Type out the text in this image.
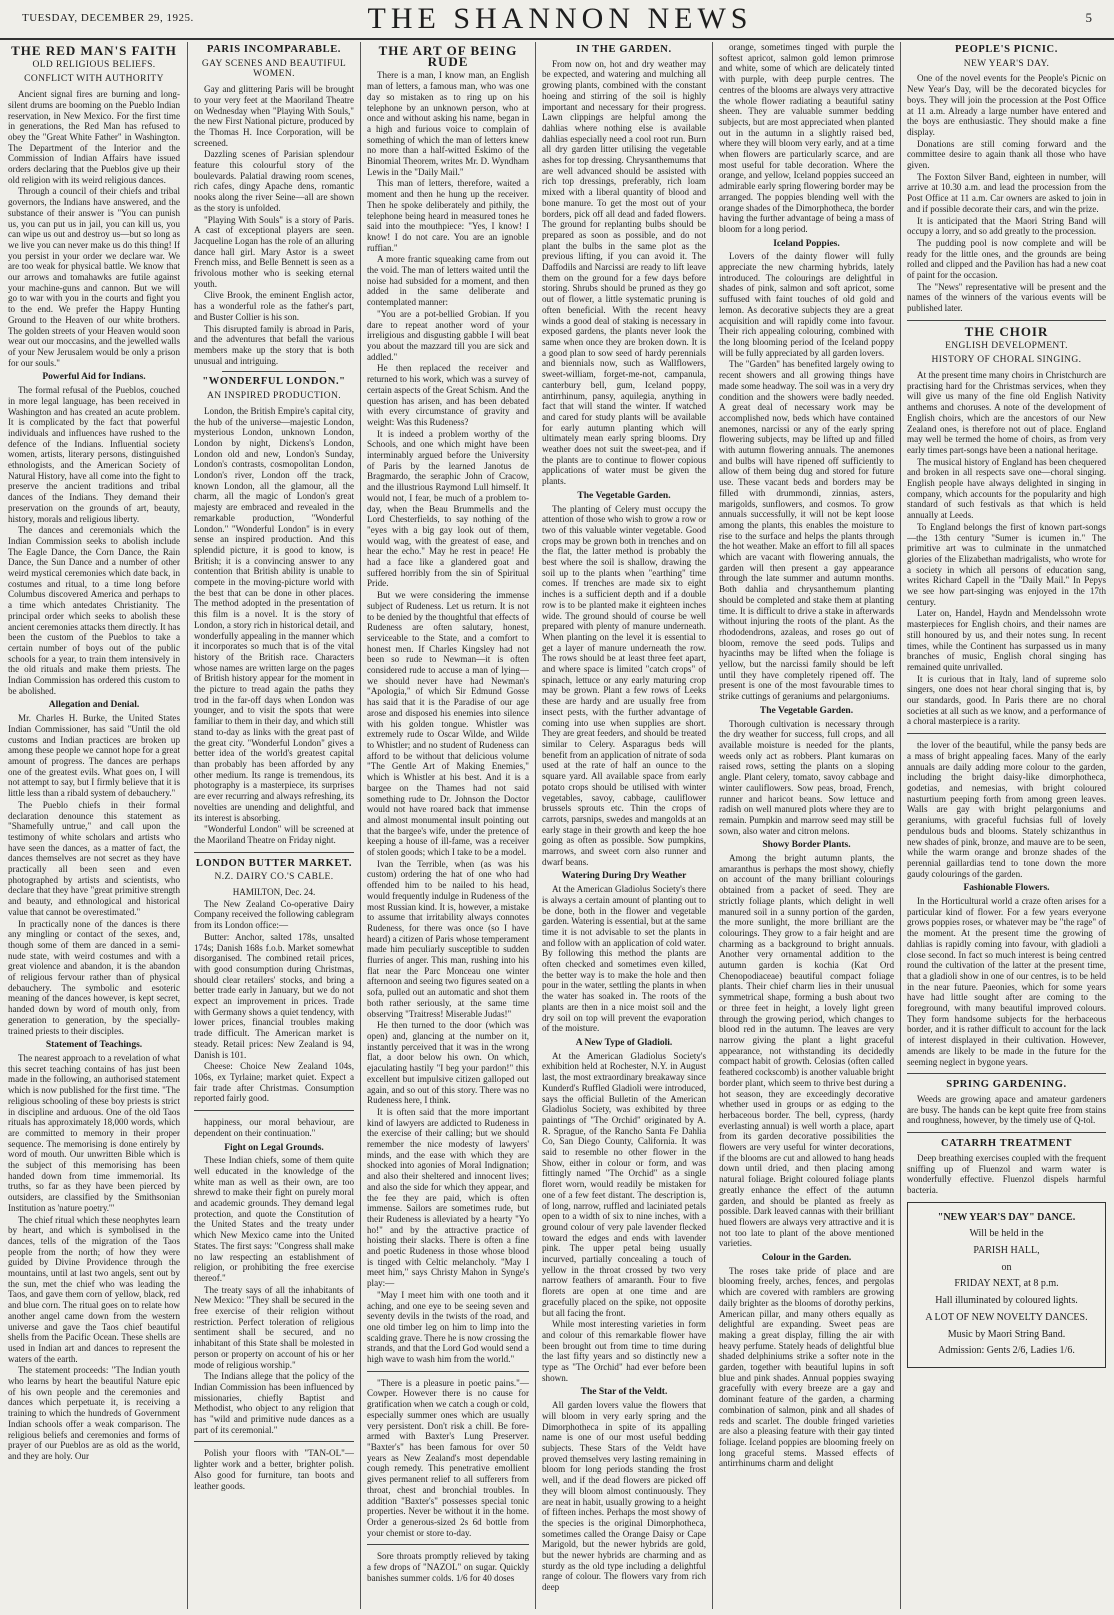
TUESDAY, DECEMBER 29, 1925.	THE SHANNON NEWS	5
THE RED MAN'S FAITH
OLD RELIGIOUS BELIEFS.
CONFLICT WITH AUTHORITY

Ancient signal fires are burning and long-silent drums are booming on the Pueblo Indian reservation, in New Mexico. For the first time in generations, the Red Man has refused to obey the "Great White Father" in Washington. The Department of the Interior and the Commission of Indian Affairs have issued orders declaring that the Pueblos give up their old religion with its weird religious dances.

Through a council of their chiefs and tribal governors, the Indians have answered, and the substance of their answer is "You can punish us, you can put us in jail, you can kill us, you can wipe us out and destroy us—but so long as we live you can never make us do this thing! If you persist in your order we declare war. We are too weak for physical battle. We know that our arrows and tomahawks are futile against your machine-guns and cannon. But we will go to war with you in the courts and fight you to the end. We prefer the Happy Hunting Ground to the Heaven of our white brothers. The golden streets of your Heaven would soon wear out our moccasins, and the jewelled walls of your New Jerusalem would be only a prison for our souls."

Powerful Aid for Indians.

The formal refusal of the Pueblos, couched in more legal language, has been received in Washington and has created an acute problem. It is complicated by the fact that powerful individuals and influences have rushed to the defence of the Indians. Influential society women, artists, literary persons, distinguished ethnologists, and the American Society of Natural History, have all come into the fight to preserve the ancient traditions and tribal dances of the Indians. They demand their preservation on the grounds of art, beauty, history, morals and religious liberty.

The dances and ceremonials which the Indian Commission seeks to abolish include The Eagle Dance, the Corn Dance, the Rain Dance, the Sun Dance and a number of other weird mystical ceremonies which date back, in costumes and ritual, to a time long before Columbus discovered America and perhaps to a time which antedates Christianity. The principal order which seeks to abolish these ancient ceremonies attacks them directly. It has been the custom of the Pueblos to take a certain number of boys out of the public schools for a year, to train them intensively in the old rituals and make them priests. The Indian Commission has ordered this custom to be abolished.

Allegation and Denial.

Mr. Charles H. Burke, the United States Indian Commissioner, has said "Until the old customs and Indian practices are broken up among these people we cannot hope for a great amount of progress. The dances are perhaps one of the greatest evils. What goes on, I will not attempt to say, but I firmly believe that it is little less than a ribald system of debauchery."

The Pueblo chiefs in their formal declaration denounce this statement as "Shamefully untrue," and call upon the testimony of white scholars and artists who have seen the dances, as a matter of fact, the dances themselves are not secret as they have practically all been seen and even photographed by artists and scientists, who declare that they have "great primitive strength and beauty, and ethnological and historical value that cannot be overestimated."

In practically none of the dances is there any mingling or contact of the sexes, and, though some of them are danced in a semi-nude state, with weird costumes and with a great violence and abandon, it is the abandon of religious fervour rather than of physical debauchery. The symbolic and esoteric meaning of the dances however, is kept secret, handed down by word of mouth only, from generation to generation, by the specially-trained priests to their disciples.

Statement of Teachings.

The nearest approach to a revelation of what this secret teaching contains of has just been made in the following, an authorised statement which is now published for the first time. "The religious schooling of these boy priests is strict in discipline and arduous. One of the old Taos rituals has approximately 18,000 words, which are committed to memory in their proper sequence. The memorising is done entirely by word of mouth. Our unwritten Bible which is the subject of this memorising has been handed down from time immemorial. Its truths, so far as they have been pierced by outsiders, are classified by the Smithsonian Institution as 'nature poetry.'"

The chief ritual which these neophytes learn by heart, and which is symbolised in the dances, tells of the migration of the Taos people from the north; of how they were guided by Divine Providence through the mountains, until at last two angels, sent out by the sun, met the chief who was leading the Taos, and gave them corn of yellow, black, red and blue corn. The ritual goes on to relate how another angel came down from the western universe and gave the Taos chief beautiful shells from the Pacific Ocean. These shells are used in Indian art and dances to represent the waters of the earth.

The statement proceeds: "The Indian youth who learns by heart the beautiful Nature epic of his own people and the ceremonies and dances which perpetuate it, is receiving a training to which the hundreds of Government Indian schools offer a weak comparison. The religious beliefs and ceremonies and forms of prayer of our Pueblos are as old as the world, and they are holy. Our

PARIS INCOMPARABLE.
GAY SCENES AND BEAUTIFUL WOMEN.

Gay and glittering Paris will be brought to your very feet at the Maoriland Theatre on Wednesday when "Playing With Souls," the new First National picture, produced by the Thomas H. Ince Corporation, will be screened.

Dazzling scenes of Parisian splendour feature this colourful story of the boulevards. Palatial drawing room scenes, rich cafes, dingy Apache dens, romantic nooks along the river Seine—all are shown as the story is unfolded.

"Playing With Souls" is a story of Paris. A cast of exceptional players are seen. Jacqueline Logan has the role of an alluring dance hall girl. Mary Astor is a sweet French miss, and Belle Bennett is seen as a frivolous mother who is seeking eternal youth.

Clive Brook, the eminent English actor, has a wonderful role as the father's part, and Buster Collier is his son.

This disrupted family is abroad in Paris, and the adventures that befall the various members make up the story that is both unusual and intriguing.

"WONDERFUL LONDON."
AN INSPIRED PRODUCTION.

London, the British Empire's capital city, the hub of the universe—majestic London, mysterious London, unknown London, London by night, Dickens's London, London old and new, London's Sunday, London's contrasts, cosmopolitan London, London's river, London off the track, known London, all the glamour, all the charm, all the magic of London's great majesty are embraced and revealed in the remarkable production, "Wonderful London." "Wonderful London" is in every sense an inspired production. And this splendid picture, it is good to know, is British; it is a convincing answer to any contention that British ability is unable to compete in the moving-picture world with the best that can be done in other places. The method adopted in the presentation of this film is a novel. It is the story of London, a story rich in historical detail, and wonderfully appealing in the manner which it incorporates so much that is of the vital history of the British race. Characters whose names are written large on the pages of British history appear for the moment in the picture to tread again the paths they trod in the far-off days when London was younger, and to visit the spots that were familiar to them in their day, and which still stand to-day as links with the great past of the great city. "Wonderful London" gives a better idea of the world's greatest capital than probably has been afforded by any other medium. Its range is tremendous, its photography is a masterpiece, its surprises are ever recurring and always refreshing, its novelties are unending and delightful, and its interest is absorbing.

"Wonderful London" will be screened at the Maoriland Theatre on Friday night.

LONDON BUTTER MARKET.
N.Z. DAIRY CO.'S CABLE.

HAMILTON, Dec. 24.

The New Zealand Co-operative Dairy Company received the following cablegram from its London office:—

Butter: Anchor, salted 178s, unsalted 174s; Danish 168s f.o.b. Market somewhat disorganised. The combined retail prices, with good consumption during Christmas, should clear retailers' stocks, and bring a better trade early in January, but we do not expect an improvement in prices. Trade with Germany shows a quiet tendency, with lower prices, financial troubles making trade difficult. The American market is steady. Retail prices: New Zealand is 94, Danish is 101.

Cheese: Choice New Zealand 104s, 106s, ex Tyrlaine; market quiet. Expect a fair trade after Christmas. Consumption reported fairly good.

happiness, our moral behaviour, are dependent on their continuation."

Fight on Legal Grounds.

These Indian chiefs, some of them quite well educated in the knowledge of the white man as well as their own, are too shrewd to make their fight on purely moral and academic grounds. They demand legal protection, and quote the Constitution of the United States and the treaty under which New Mexico came into the United States. The first says: "Congress shall make no law respecting an establishment of religion, or prohibiting the free exercise thereof."

The treaty says of all the inhabitants of New Mexico: "They shall be secured in the free exercise of their religion without restriction. Perfect toleration of religious sentiment shall be secured, and no inhabitant of this State shall be molested in person or property on account of his or her mode of religious worship."

The Indians allege that the policy of the Indian Commission has been influenced by missionaries, chiefly Baptist and Methodist, who object to any religion that has "wild and primitive nude dances as a part of its ceremonial."

Polish your floors with "TAN-OL"—lighter work and a better, brighter polish. Also good for furniture, tan boots and leather goods.

THE ART OF BEING RUDE

There is a man, I know man, an English man of letters, a famous man, who was one day so mistaken as to ring up on his telephone by an unknown person, who at once and without asking his name, began in a high and furious voice to complain of something of which the man of letters knew no more than a half-witted Eskimo of the Binomial Theorem, writes Mr. D. Wyndham Lewis in the "Daily Mail."

This man of letters, therefore, waited a moment and then he hung up the receiver. Then he spoke deliberately and pithily, the telephone being heard in measured tones he said into the mouthpiece: "Yes, I know! I know! I do not care. You are an ignoble ruffian."

A more frantic squeaking came from out the void. The man of letters waited until the noise had subsided for a moment, and then added in the same deliberate and contemplated manner:

"You are a pot-bellied Grobian. If you dare to repeat another word of your irreligious and disgusting gabble I will beat you about the mazzard till you are sick and addled."

He then replaced the receiver and returned to his work, which was a survey of certain aspects of the Great Schism. And the question has arisen, and has been debated with every circumstance of gravity and weight: Was this Rudeness?

It is indeed a problem worthy of the Schools, and one which might have been interminably argued before the University of Paris by the learned Janotus de Bragmardo, the seraphic John of Cracow, and the illustrious Raymond Lull himself. It would not, I fear, be much of a problem to-day, when the Beau Brummells and the Lord Chesterfields, to say nothing of the "eyes with a big gay look out of them, would wag, with the greatest of ease, and hear the echo." May he rest in peace! He had a face like a glandered goat and suffered horribly from the sin of Spiritual Pride.

But we were considering the immense subject of Rudeness. Let us return. It is not to be denied by the thoughtful that effects of Rudeness are often salutary, honest, serviceable to the State, and a comfort to honest men. If Charles Kingsley had not been so rude to Newman—it is often considered rude to accuse a man of lying—we should never have had Newman's "Apologia," of which Sir Edmund Gosse has said that it is the Paradise of our age arose and disposed his enemies into silence with his golden tongue. Whistler was extremely rude to Oscar Wilde, and Wilde to Whistler; and no student of Rudeness can afford to be without that delicious volume "The Gentle Art of Making Enemies," which is Whistler at his best. And it is a bargee on the Thames had not said something rude to Dr. Johnson the Doctor would not have roared back that immense and almost monumental insult pointing out that the bargee's wife, under the pretence of keeping a house of ill-fame, was a receiver of stolen goods; which I take to be a model.

Ivan the Terrible, when (as was his custom) ordering the hat of one who had offended him to be nailed to his head, would frequently indulge in Rudeness of the most Russian kind. It is, however, a mistake to assume that irritability always connotes Rudeness, for there was once (so I have heard) a citizen of Paris whose temperament made him peculiarly susceptible to sudden flurries of anger. This man, rushing into his flat near the Parc Monceau one winter afternoon and seeing two figures seated on a sofa, pulled out an automatic and shot them both rather seriously, at the same time observing "Traitress! Miserable Judas!"

He then turned to the door (which was open) and, glancing at the number on it, instantly perceived that it was in the wrong flat, a door below his own. On which, ejaculating hastily "I beg your pardon!" this excellent but impulsive citizen galloped out again, and so out of this story. There was no Rudeness here, I think.

It is often said that the more important kind of lawyers are addicted to Rudeness in the exercise of their calling; but we should remember the nice modesty of lawyers' minds, and the ease with which they are shocked into agonies of Moral Indignation; and also their sheltered and innocent lives; and also the side for which they appear, and the fee they are paid, which is often immense. Sailors are sometimes rude, but their Rudeness is alleviated by a hearty "Yo ho!" and by the attractive practice of hoisting their slacks. There is often a fine and poetic Rudeness in those whose blood is tinged with Celtic melancholy. "May I meet him," says Christy Mahon in Synge's play:—

"May I meet him with one tooth and it aching, and one eye to be seeing seven and seventy devils in the twists of the road, and one old timber leg on him to limp into the scalding grave. There he is now crossing the strands, and that the Lord God would send a high wave to wash him from the world."

"There is a pleasure in poetic pains."—Cowper. However there is no cause for gratification when we catch a cough or cold, especially summer ones which are usually very persistent. Don't risk a chill. Be fore-armed with Baxter's Lung Preserver. "Baxter's" has been famous for over 50 years as New Zealand's most dependable cough remedy. This penetrative emollient gives permanent relief to all sufferers from throat, chest and bronchial troubles. In addition "Baxter's" possesses special tonic properties. Never be without it in the home. Order a generous-sized 2s 6d bottle from your chemist or store to-day.

Sore throats promptly relieved by taking a few drops of "NAZOL" on sugar. Quickly banishes summer colds. 1/6 for 40 doses

IN THE GARDEN.

From now on, hot and dry weather may be expected, and watering and mulching all growing plants, combined with the constant hoeing and stirring of the soil is highly important and necessary for their progress. Lawn clippings are helpful among the dahlias where nothing else is available dahlias especially need a cool root run. Burn all dry garden litter utilising the vegetable ashes for top dressing. Chrysanthemums that are well advanced should be assisted with rich top dressings, preferably, rich loam mixed with a liberal quantity of blood and bone manure. To get the most out of your borders, pick off all dead and faded flowers. The ground for replanting bulbs should be prepared as soon as possible, and do not plant the bulbs in the same plot as the previous lifting, if you can avoid it. The Daffodils and Narcissi are ready to lift leave them on the ground for a few days before storing. Shrubs should be pruned as they go out of flower, a little systematic pruning is often beneficial. With the recent heavy winds a good deal of staking is necessary in exposed gardens, the plants never look the same when once they are broken down. It is a good plan to sow seed of hardy perennials and biennials now, such as Wallflowers, sweet-william, forget-me-not, campanula, canterbury bell, gum, Iceland poppy, antirrhinum, pansy, aquilegia, anything in fact that will stand the winter. If watched and cared for study plants will be available for early autumn planting which will ultimately mean early spring blooms. Dry weather does not suit the sweet-pea, and if the plants are to continue to flower copious applications of water must be given the plants.

The Vegetable Garden.

The planting of Celery must occupy the attention of those who wish to grow a row or two of this valuable winter vegetable. Good crops may be grown both in trenches and on the flat, the latter method is probably the best where the soil is shallow, drawing the soil up to the plants when "earthing" time comes. If trenches are made six to eight inches is a sufficient depth and if a double row is to be planted make it eighteen inches wide. The ground should of course be well prepared with plenty of manure underneath. When planting on the level it is essential to get a layer of manure underneath the row. The rows should be at least three feet apart, and where space is limited "catch crops" of spinach, lettuce or any early maturing crop may be grown. Plant a few rows of Leeks these are hardy and are usually free from insect pests, with the further advantage of coming into use when supplies are short. They are great feeders, and should be treated similar to Celery. Asparagus beds will benefit from an application of nitrate of soda used at the rate of half an ounce to the square yard. All available space from early potato crops should be utilised with winter vegetables, savoy, cabbage, cauliflower brussels sprouts etc. Thin the crops of carrots, parsnips, swedes and mangolds at an early stage in their growth and keep the hoe going as often as possible. Sow pumpkins, marrows, and sweet corn also runner and dwarf beans.

Watering During Dry Weather

At the American Gladiolus Society's there is always a certain amount of planting out to be done, both in the flower and vegetable garden. Watering is essential, but at the same time it is not advisable to set the plants in and follow with an application of cold water. By following this method the plants are often checked and sometimes even killed, the better way is to make the hole and then pour in the water, settling the plants in when the water has soaked in. The roots of the plants are then in a nice moist soil and the dry soil on top will prevent the evaporation of the moisture.

A New Type of Gladioli.

At the American Gladiolus Society's exhibition held at Rochester, N.Y. in August last, the most extraordinary breakaway since Kunderd's Ruffled Gladioli were introduced, says the official Bulletin of the American Gladiolus Society, was exhibited by three paintings of "The Orchid" originated by A. R. Sprague, of the Rancho Santa Fe Dahlia Co, San Diego County, California. It was said to resemble no other flower in the Show, either in colour or form, and was fittingly named "The Orchid" as a single floret worn, would readily be mistaken for one of a few feet distant. The description is, of long, narrow, ruffled and laciniated petals open to a width of six to nine inches, with a ground colour of very pale lavender flecked toward the edges and ends with lavender pink. The upper petal being usually incurved, partially concealing a touch of yellow in the throat crossed by two very narrow feathers of amaranth. Four to five florets are open at one time and are gracefully placed on the spike, not opposite but all facing the front.

While most interesting varieties in form and colour of this remarkable flower have been brought out from time to time during the last fifty years and so distinctly new a type as "The Orchid" had ever before been shown.

The Star of the Veldt.

All garden lovers value the flowers that will bloom in very early spring and the Dimorphotheca in spite of its appalling name is one of our most useful bedding subjects. These Stars of the Veldt have proved themselves very lasting remaining in bloom for long periods standing the frost well, and if the dead flowers are picked off they will bloom almost continuously. They are neat in habit, usually growing to a height of fifteen inches. Perhaps the most showy of the species is the original Dimorphotheca, sometimes called the Orange Daisy or Cape Marigold, but the newer hybrids are gold, but the newer hybrids are charming and as sturdy as the old type including a delightful range of colour. The flowers vary from rich deep

orange, sometimes tinged with purple the softest apricot, salmon gold lemon primrose and white, some of which are delicately tinted with purple, with deep purple centres. The centres of the blooms are always very attractive the whole flower radiating a beautiful satiny sheen. They are valuable summer bedding subjects, but are most appreciated when planted out in the autumn in a slightly raised bed, where they will bloom very early, and at a time when flowers are particularly scarce, and are most useful for table decoration. Where the orange, and yellow, Iceland poppies succeed an admirable early spring flowering border may be arranged. The poppies blending well with the orange shades of the Dimorphotheca, the border having the further advantage of being a mass of bloom for a long period.

Iceland Poppies.

Lovers of the dainty flower will fully appreciate the new charming hybrids, lately introduced. The colourings are delightful in shades of pink, salmon and soft apricot, some suffused with faint touches of old gold and lemon. As decorative subjects they are a great acquisition and will rapidly come into favour. Their rich appealing colouring, combined with the long blooming period of the Iceland poppy will be fully appreciated by all garden lovers.

The "Garden" has benefited largely owing to recent showers and all growing things have made some headway. The soil was in a very dry condition and the showers were badly needed. A great deal of necessary work may be accomplished now, beds which have contained anemones, narcissi or any of the early spring flowering subjects, may be lifted up and filled with autumn flowering annuals. The anemones and bulbs will have ripened off sufficiently to allow of them being dug and stored for future use. These vacant beds and borders may be filled with drummondi, zinnias, asters, marigolds, sunflowers, and cosmos. To grow annuals successfully, it will not be kept loose among the plants, this enables the moisture to rise to the surface and helps the plants through the hot weather. Make an effort to fill all spaces which are vacant with flowering annuals, the garden will then present a gay appearance through the late summer and autumn months. Both dahlia and chrysanthemum planting should be completed and stake them at planting time. It is difficult to drive a stake in afterwards without injuring the roots of the plant. As the rhododendrons, azaleas, and roses go out of bloom, remove the seed pods. Tulips and hyacinths may be lifted when the foliage is yellow, but the narcissi family should be left until they have completely ripened off. The present is one of the most favourable times to strike cuttings of geraniums and pelargoniums.

The Vegetable Garden.

Thorough cultivation is necessary through the dry weather for success, full crops, and all available moisture is needed for the plants, weeds only act as robbers. Plant kumaras on raised rows, setting the plants on a sloping angle. Plant celery, tomato, savoy cabbage and winter cauliflowers. Sow peas, broad, French, runner and haricot beans. Sow lettuce and radish on well manured plots where they are to remain. Pumpkin and marrow seed may still be sown, also water and citron melons.

Showy Border Plants.

Among the bright autumn plants, the amaranthus is perhaps the most showy, chiefly on account of the many brilliant colourings obtained from a packet of seed. They are strictly foliage plants, which delight in well manured soil in a sunny portion of the garden, the more sunlight, the more brilliant are the colourings. They grow to a fair height and are charming as a background to bright annuals. Another very ornamental addition to the autumn garden is kochia (Kat Ord Chenopodiaceae) beautiful compact foliage plants. Their chief charm lies in their unusual symmetrical shape, forming a bush about two or three feet in height, a lovely light green through the growing period, which changes to blood red in the autumn. The leaves are very narrow giving the plant a light graceful appearance, not withstanding its decidedly compact habit of growth. Celosias (often called feathered cockscomb) is another valuable bright border plant, which seem to thrive best during a hot season, they are exceedingly decorative whether used in groups or as edging to the herbaceous border. The bell, cypress, (hardy everlasting annual) is well worth a place, apart from its garden decorative possibilities the flowers are very useful for winter decorations, if the blooms are cut and allowed to hang heads down until dried, and then placing among natural foliage. Bright coloured foliage plants greatly enhance the effect of the autumn garden, and should be planted as freely as possible. Dark leaved cannas with their brilliant hued flowers are always very attractive and it is not too late to plant of the above mentioned varieties.

Colour in the Garden.

The roses take pride of place and are blooming freely, arches, fences, and pergolas which are covered with ramblers are growing daily brighter as the blooms of dorothy perkins, American pillar, and many others equally as delightful are expanding. Sweet peas are making a great display, filling the air with heavy perfume. Stately heads of delightful blue shaded delphiniums strike a softer note in the garden, together with beautiful lupins in soft blue and pink shades. Annual poppies swaying gracefully with every breeze are a gay and dominant feature of the garden, a charming combination of salmon, pink and all shades of reds and scarlet. The double fringed varieties are also a pleasing feature with their gay tinted foliage. Iceland poppies are blooming freely on long graceful stems. Massed effects of antirrhinums charm and delight

PEOPLE'S PICNIC.
NEW YEAR'S DAY.

One of the novel events for the People's Picnic on New Year's Day, will be the decorated bicycles for boys. They will join the procession at the Post Office at 11 a.m. Already a large number have entered and the boys are enthusiastic. They should make a fine display.

Donations are still coming forward and the committee desire to again thank all those who have given.

The Foxton Silver Band, eighteen in number, will arrive at 10.30 a.m. and lead the procession from the Post Office at 11 a.m. Car owners are asked to join in and if possible decorate their cars, and win the prize.

It is anticipated that the Maori String Band will occupy a lorry, and so add greatly to the procession.

The pudding pool is now complete and will be ready for the little ones, and the grounds are being rolled and clipped and the Pavilion has had a new coat of paint for the occasion.

The "News" representative will be present and the names of the winners of the various events will be published later.

THE CHOIR
ENGLISH DEVELOPMENT.
HISTORY OF CHORAL SINGING.

At the present time many choirs in Christchurch are practising hard for the Christmas services, when they will give us many of the fine old English Nativity anthems and choruses. A note of the development of English choirs, which are the ancestors of our New Zealand ones, is therefore not out of place. England may well be termed the home of choirs, as from very early times part-songs have been a national heritage.

The musical history of England has been chequered and broken in all respects save one—choral singing. English people have always delighted in singing in company, which accounts for the popularity and high standard of such festivals as that which is held annually at Leeds.

To England belongs the first of known part-songs—the 13th century "Sumer is icumen in." The primitive art was to culminate in the unmatched glories of the Elizabethan madrigalists, who wrote for a society in which all persons of education sang, writes Richard Capell in the "Daily Mail." In Pepys we see how part-singing was enjoyed in the 17th century.

Later on, Handel, Haydn and Mendelssohn wrote masterpieces for English choirs, and their names are still honoured by us, and their notes sung. In recent times, while the Continent has surpassed us in many branches of music, English choral singing has remained quite unrivalled.

It is curious that in Italy, land of supreme solo singers, one does not hear choral singing that is, by our standards, good. In Paris there are no choral societies at all such as we know, and a performance of a choral masterpiece is a rarity.

the lover of the beautiful, while the pansy beds are a mass of bright appealing faces. Many of the early annuals are daily adding more colour to the garden, including the bright daisy-like dimorphotheca, godetias, and nemesias, with bright coloured nasturtium peeping forth from among green leaves. Walls are gay with bright pelargoniums and geraniums, with graceful fuchsias full of lovely pendulous buds and blooms. Stately schizanthus in new shades of pink, bronze, and mauve are to be seen, while the warm orange and bronze shades of the perennial gaillardias tend to tone down the more gaudy colourings of the garden.

Fashionable Flowers.

In the Horticultural world a craze often arises for a particular kind of flower. For a few years everyone grows poppies roses, or whatever may be "the rage" of the moment. At the present time the growing of dahlias is rapidly coming into favour, with gladioli a close second. In fact so much interest is being centred round the cultivation of the latter at the present time, that a gladioli show in one of our centres, is to be held in the near future. Paeonies, which for some years have had little sought after are coming to the foreground, with many beautiful improved colours. They form handsome subjects for the herbaceous border, and it is rather difficult to account for the lack of interest displayed in their cultivation. However, amends are likely to be made in the future for the seeming neglect in bygone years.

SPRING GARDENING.

Weeds are growing apace and amateur gardeners are busy. The hands can be kept quite free from stains and roughness, however, by the timely use of Q-tol.

CATARRH TREATMENT

Deep breathing exercises coupled with the frequent sniffing up of Fluenzol and warm water is wonderfully effective. Fluenzol dispels harmful bacteria.

"NEW YEAR'S DAY" DANCE.
Will be held in the
PARISH HALL,
on
FRIDAY NEXT, at 8 p.m.
Hall illuminated by coloured lights.
A LOT OF NEW NOVELTY DANCES.
Music by Maori String Band.
Admission: Gents 2/6, Ladies 1/6.
